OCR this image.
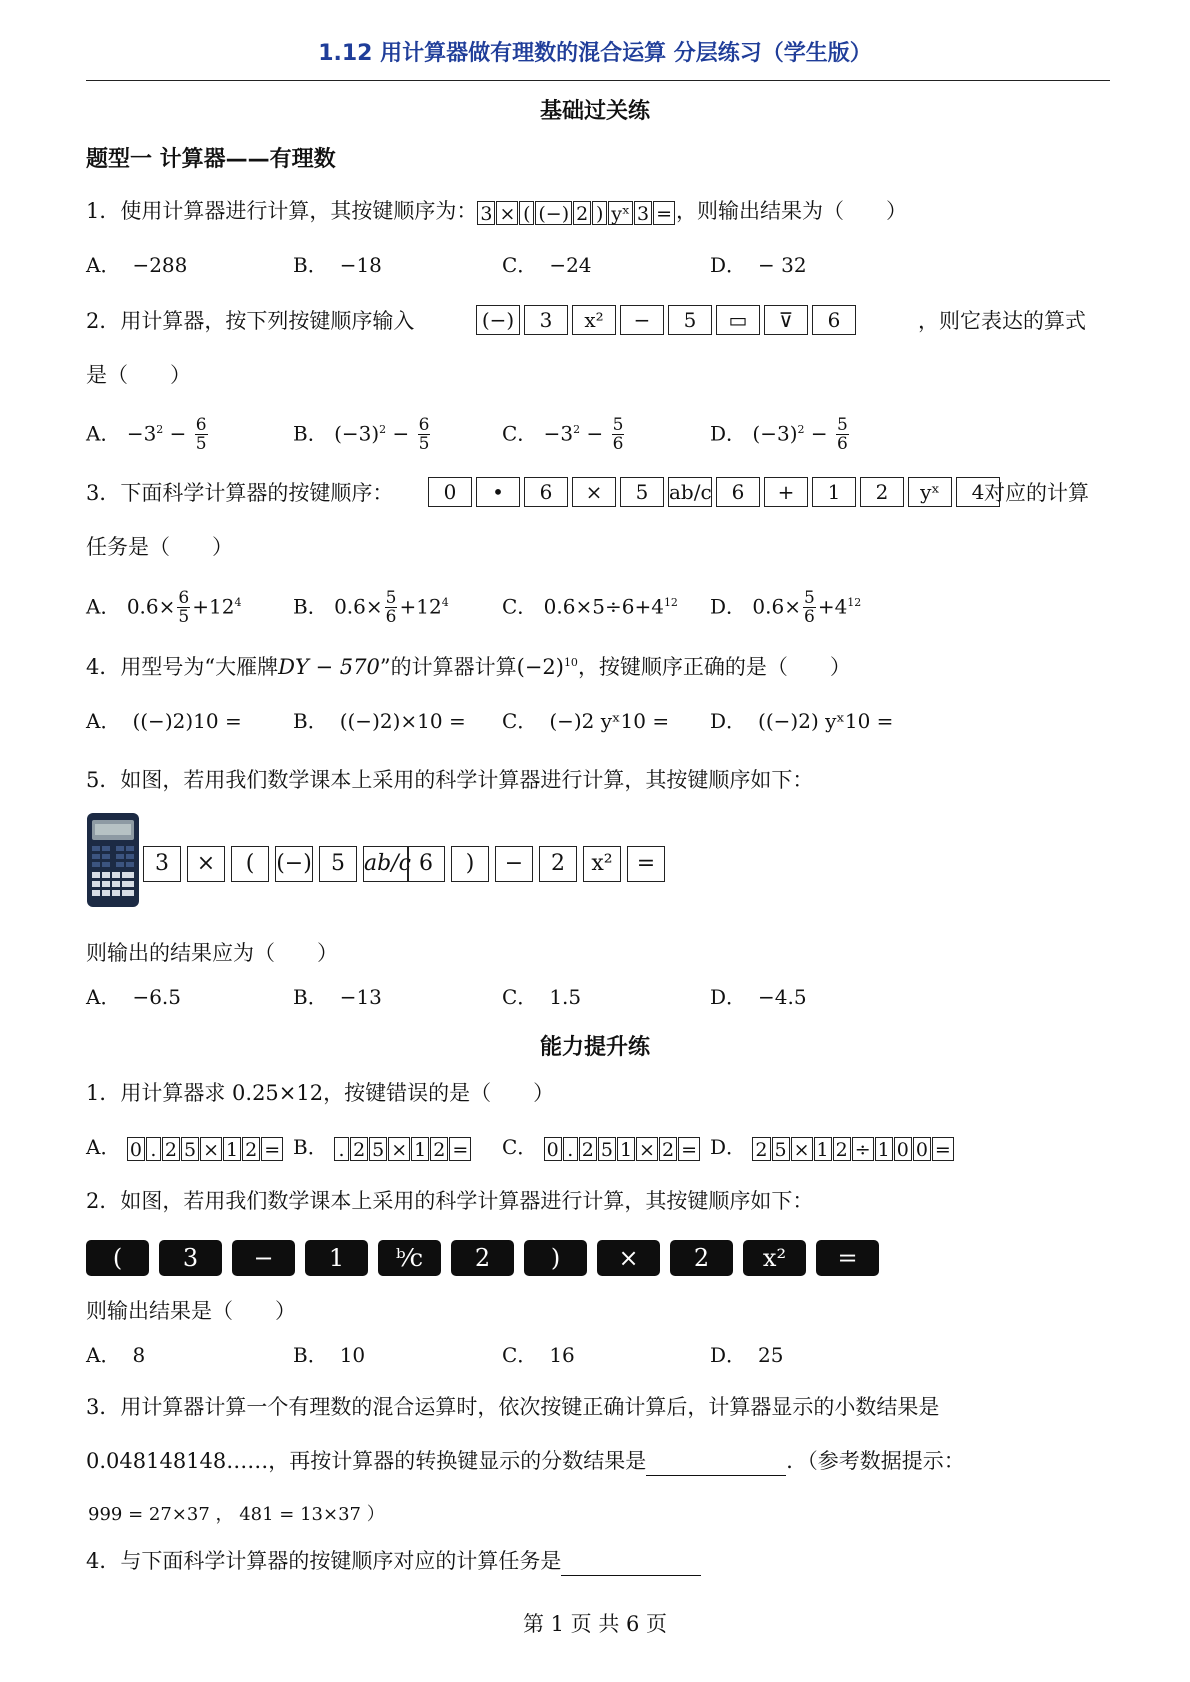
1.12 用计算器做有理数的混合运算 分层练习（学生版）
基础过关练
题型一 计算器——有理数
1．使用计算器进行计算，其按键顺序为： 3 × ( (−) 2 ) yˣ 3 = ，则输出结果为（　　）
A． −288	B． −18	C． −24	D． − 32
2．用计算器，按下列按键顺序输入	(−) 3 x² − 5 ▭ ⊽ 6	，则它表达的算式
是（　　）
A． $-3^2 - \frac{6}{5}$	B． $(-3)^2 - \frac{6}{5}$	C． $-3^2 - \frac{5}{6}$	D． $(-3)^2 - \frac{5}{6}$
3．下面科学计算器的按键顺序：	0 • 6 × 5 ab/c 6 + 1 2 yˣ 4 对应的计算
任务是（　　）
A． $0.6\times \frac{6}{5} +12^4$	B． $0.6\times \frac{5}{6} +12^4$	C． $0.6\times 5\div 6+4^{12}$ D． $0.6\times \frac{5}{6} +4^{12}$
4．用型号为“大雁牌DY − 570”的计算器计算$(-2)^{10}$，按键顺序正确的是（　　）
A． ((−)2)10 =	B． ((−)2)×10 = C． (−)2 yˣ10 = D． ((−)2) yˣ10 =
5．如图，若用我们数学课本上采用的科学计算器进行计算，其按键顺序如下：
3	×	( (−) 5 ab/c 6	)	−	2	x²	=
则输出的结果应为（　　）
A． −6.5	B． −13	C． 1.5	D． −4.5
能力提升练
1．用计算器求 0.25×12，按键错误的是（　　）
A． 0 . 2 5 × 1 2 = B． . 2 5 × 1 2 = C． 0 . 2 5 1 × 2 = D． 2 5 × 1 2 ÷ 1 0 0 =
2．如图，若用我们数学课本上采用的科学计算器进行计算，其按键顺序如下：
(	3	−	1	ᵇ⁄c	2	)	×	2	x²	=
则输出结果是（　　）
A． 8	B． 10	C． 16	D． 25
3．用计算器计算一个有理数的混合运算时，依次按键正确计算后，计算器显示的小数结果是
0.048148148……，再按计算器的转换键显示的分数结果是	．（参考数据提示：
999 = 27×37 ， 481 = 13×37 ）
4．与下面科学计算器的按键顺序对应的计算任务是
第 1 页 共 6 页
